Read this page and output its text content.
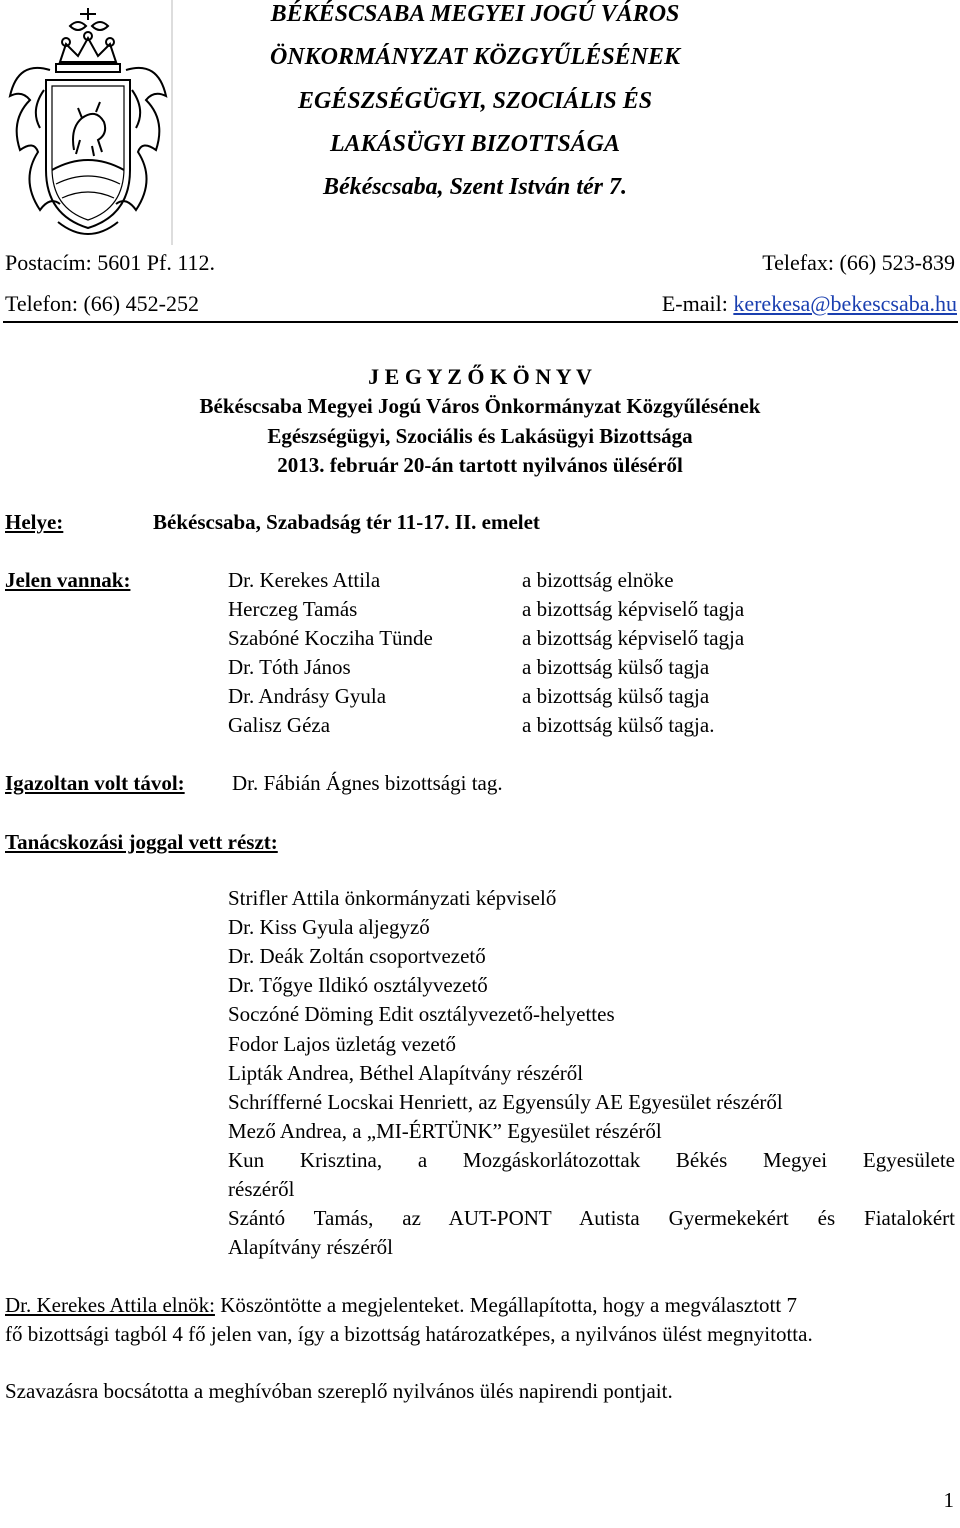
BÉKÉSCSABA MEGYEI JOGÚ VÁROS
ÖNKORMÁNYZAT KÖZGYŰLÉSÉNEK
EGÉSZSÉGÜGYI, SZOCIÁLIS ÉS
LAKÁSÜGYI BIZOTTSÁGA
Békéscsaba, Szent István tér 7.
Postacím: 5601 Pf. 112.	Telefax: (66) 523-839
Telefon: (66) 452-252	E-mail: kerekesa@bekescsaba.hu
J E G Y Z Ő K Ö N Y V
Békéscsaba Megyei Jogú Város Önkormányzat Közgyűlésének
Egészségügyi, Szociális és Lakásügyi Bizottsága
2013. február 20-án tartott nyilvános üléséről
Helye:	Békéscsaba, Szabadság tér 11-17. II. emelet
Jelen vannak:	Dr. Kerekes Attila	a bizottság elnöke
Herczeg Tamás	a bizottság képviselő tagja
Szabóné Kocziha Tünde	a bizottság képviselő tagja
Dr. Tóth János	a bizottság külső tagja
Dr. Andrásy Gyula	a bizottság külső tagja
Galisz Géza	a bizottság külső tagja.
Igazoltan volt távol: Dr. Fábián Ágnes bizottsági tag.
Tanácskozási joggal vett részt:
Strifler Attila önkormányzati képviselő
Dr. Kiss Gyula aljegyző
Dr. Deák Zoltán csoportvezető
Dr. Tőgye Ildikó osztályvezető
Soczóné Döming Edit osztályvezető-helyettes
Fodor Lajos üzletág vezető
Lipták Andrea, Béthel Alapítvány részéről
Schrífferné Locskai Henriett, az Egyensúly AE Egyesület részéről
Mező Andrea, a „MI-ÉRTÜNK” Egyesület részéről
Kun Krisztina, a Mozgáskorlátozottak Békés Megyei Egyesülete
részéről
Szántó Tamás, az AUT-PONT Autista Gyermekekért és Fiatalokért
Alapítvány részéről
Dr. Kerekes Attila elnök: Köszöntötte a megjelenteket. Megállapította, hogy a megválasztott 7
fő bizottsági tagból 4 fő jelen van, így a bizottság határozatképes, a nyilvános ülést megnyitotta.
Szavazásra bocsátotta a meghívóban szereplő nyilvános ülés napirendi pontjait.
1
